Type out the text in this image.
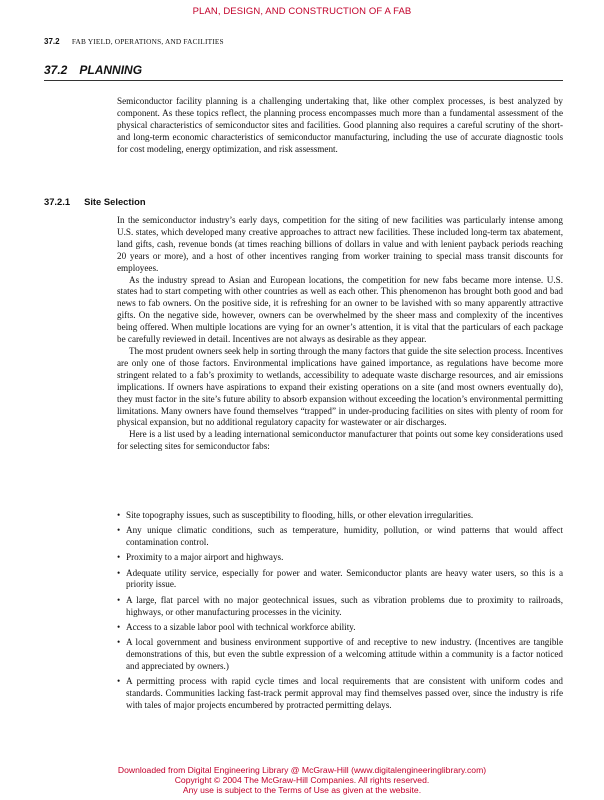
PLAN, DESIGN, AND CONSTRUCTION OF A FAB
37.2 FAB YIELD, OPERATIONS, AND FACILITIES
37.2 PLANNING

Semiconductor facility planning is a challenging undertaking that, like other complex processes, is best analyzed by component. As these topics reflect, the planning process encompasses much more than a fundamental assessment of the physical characteristics of semiconductor sites and facilities. Good planning also requires a careful scrutiny of the short- and long-term economic characteristics of semiconductor manufacturing, including the use of accurate diagnostic tools for cost modeling, energy optimization, and risk assessment.

37.2.1 Site Selection

In the semiconductor industry’s early days, competition for the siting of new facilities was particularly intense among U.S. states, which developed many creative approaches to attract new facilities. These included long-term tax abatement, land gifts, cash, revenue bonds (at times reaching billions of dollars in value and with lenient payback periods reaching 20 years or more), and a host of other incentives ranging from worker training to special mass transit discounts for employees.

As the industry spread to Asian and European locations, the competition for new fabs became more intense. U.S. states had to start competing with other countries as well as each other. This phenomenon has brought both good and bad news to fab owners. On the positive side, it is refreshing for an owner to be lavished with so many apparently attractive gifts. On the negative side, however, owners can be overwhelmed by the sheer mass and complexity of the incentives being offered. When multiple locations are vying for an owner’s attention, it is vital that the particulars of each package be carefully reviewed in detail. Incentives are not always as desirable as they appear.

The most prudent owners seek help in sorting through the many factors that guide the site selection process. Incentives are only one of those factors. Environmental implications have gained importance, as regulations have become more stringent related to a fab’s proximity to wetlands, accessibility to adequate waste discharge resources, and air emissions implications. If owners have aspirations to expand their existing operations on a site (and most owners eventually do), they must factor in the site’s future ability to absorb expansion without exceeding the location’s environmental permitting limitations. Many owners have found themselves “trapped” in under-producing facilities on sites with plenty of room for physical expansion, but no additional regulatory capacity for wastewater or air discharges.

Here is a list used by a leading international semiconductor manufacturer that points out some key considerations used for selecting sites for semiconductor fabs:

• Site topography issues, such as susceptibility to flooding, hills, or other elevation irregularities.
• Any unique climatic conditions, such as temperature, humidity, pollution, or wind patterns that would affect contamination control.
• Proximity to a major airport and highways.
• Adequate utility service, especially for power and water. Semiconductor plants are heavy water users, so this is a priority issue.
• A large, flat parcel with no major geotechnical issues, such as vibration problems due to proximity to railroads, highways, or other manufacturing processes in the vicinity.
• Access to a sizable labor pool with technical workforce ability.
• A local government and business environment supportive of and receptive to new industry. (Incentives are tangible demonstrations of this, but even the subtle expression of a welcoming attitude within a community is a factor noticed and appreciated by owners.)
• A permitting process with rapid cycle times and local requirements that are consistent with uniform codes and standards. Communities lacking fast-track permit approval may find themselves passed over, since the industry is rife with tales of major projects encumbered by protracted permitting delays.
Downloaded from Digital Engineering Library @ McGraw-Hill (www.digitalengineeringlibrary.com)
Copyright © 2004 The McGraw-Hill Companies. All rights reserved.
Any use is subject to the Terms of Use as given at the website.
